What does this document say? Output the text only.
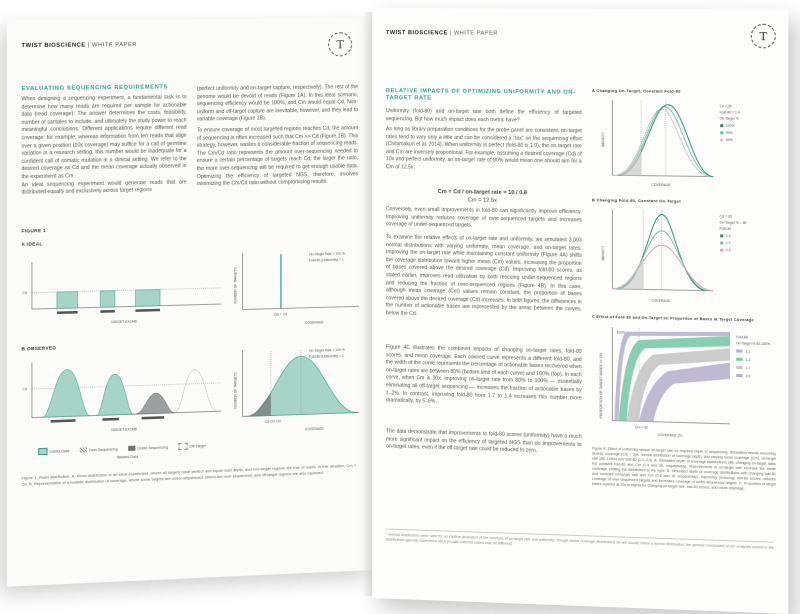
TWIST BIOSCIENCE | WHITE PAPER	T
EVALUATING SEQUENCING REQUIREMENTS
When designing a sequencing experiment, a fundamental task is to determine how many reads are required per sample for actionable data (read coverage). The answer determines the costs, feasibility, number of samples to include, and ultimately the study power to reach meaningful conclusions. Different applications require different read coverage: for example, whereas information from ten reads that align over a given position (10x coverage) may suffice for a call of germline variation in a research setting, this number would be inadequate for a confident call of somatic mutation in a clinical setting. We refer to the desired coverage as Cd and the mean coverage actually observed in the experiment as Cm.
An ideal sequencing experiment would generate reads that are distributed equally and exclusively across target regions
(perfect uniformity and on-target capture, respectively). The rest of the genome would be devoid of reads (Figure 1A). In this ideal scenario, sequencing efficiency would be 100%, and Cm would equal Cd. Non-uniform and off-target capture are inevitable, however, and they lead to variable coverage (Figure 1B).
To ensure coverage of most targeted regions reaches Cd, the amount of sequencing is often increased such that Cm >> Cd (Figure 1B). This strategy, however, wastes a considerable fraction of sequencing reads. The Cm/Cd ratio represents the amount over-sequencing needed to ensure a certain percentage of targets reach Cd; the larger the ratio, the more over-sequencing will be required to get enough usable data. Optimizing the efficiency of targeted NGS, therefore, involves minimizing the Cm/Cd ratio without compromising results.
FIGURE 1
A IDEAL
Cd
TARGET EXOME
NUMBER OF TARGETS
Cm = Cd
COVERAGE
On-Target Rate = 100 %
Fold-80 (Uniformity) = 1
B OBSERVED
Cd
TARGET EXOME
NUMBER OF TARGETS
Cd Cm Cm
COVERAGE
On-Target Rate < 100 %
Fold-80 (Uniformity) > 1
Useful Data	Over-Sequencing	Under-Sequencing	Off-Target
Wasted Data
Figure 1. Read distribution. A. Read distribution in an ideal experiment, where all targets have perfect and equal read depth, and non-target regions are free of reads. In this situation, Cm = Cd. B. Representative of a realistic distribution of coverage, where some targets are under-sequenced, others are over-sequenced, and off-target regions are also captured.
TWIST BIOSCIENCE | WHITE PAPER	T
RELATIVE IMPACTS OF OPTIMIZING UNIFORMITY AND ON-TARGET RATE
Uniformity (fold-80) and on-target rate both define the efficiency of targeted sequencing. But how much impact does each metric have?
As long as library preparation conditions for the probe panel are consistent, on-target rates tend to vary only a little and can be considered a "tax" on the sequencing effort (Chilamakuri et al. 2014). When uniformity is perfect (fold-80 is 1.0), the on-target rate and Cm are inversely proportional. For example, assuming a desired coverage (Cd) of 10x and perfect uniformity, an on-target rate of 80% would mean one should aim for a Cm of 12.5x:
Cm = Cd / on-target rate = 10 / 0.8
Cm = 12.5x
Conversely, even small improvements in fold-80 can significantly improve efficiency. Improving uniformity reduces coverage of over-sequenced targets and increases coverage of under-sequenced targets.
To examine the relative effects of on-target rate and uniformity, we simulated 3,003 normal distributions with varying uniformity, mean coverage, and on-target rates. Improving the on-target rate while maintaining constant uniformity (Figure 4A) shifts the coverage distribution toward higher mean (Cm) values, increasing the proportion of bases covered above the desired coverage (Cd). Improving fold-80 scores, as stated earlier, improves read utilization by both rescuing under-sequenced regions and reducing the fraction of over-sequenced regions (Figure 4B). In this case, although mean coverage (Cm) values remain constant, the proportion of bases covered above the desired coverage (Cd) increases. In both figures, the differences in the number of actionable bases are represented by the areas between the curves, below the Cd.
Figure 4C illustrates the combined impacts of changing on-target rates, fold-80 scores, and mean coverage. Each colored curve represents a different fold-80, and the width of the curve represents the percentage of actionable bases recovered when on-target rates are between 80% (bottom limit of each curve) and 100% (top). In each curve, when Cm is 30x, improving on-target rate from 80% to 100% — essentially eliminating all off-target sequencing — increases the fraction of actionable bases by 1–2%. In contrast, improving fold-80 from 1.7 to 1.4 increases this number more dramatically, by 5–6%.
The data demonstrate that improvements to fold-80 scores (uniformity) have a much more significant impact on the efficiency of targeted NGS than do improvements to on-target rates, even if the off-target rate could be reduced to zero.
A Changing On-Target, Constant Fold-80
DENSITY
COVERAGE
Cd = 30
Fold-80 = 1.4
On-Target %
100%
90%
80%
B Changing Fold-80, Constant On-Target
DENSITY
COVERAGE
Cd = 30
On-Target % = 80
Fold-80
1.4
1.7
2.0
C Effect of Fold-80 and On-Target on Proportion of Bases at Target Coverage
100%
PROPORTION OF TARGET BASES >= 10X
Cm = 30
COVERAGE (X)
Fold-80
On-Target % 80-100%
1.1
1.4
1.7
2.0
Figure 4. Effect of uniformity versus on-target rate on required depth of sequencing. Simulation results assuming desired coverage (Cd) = 30x, normal distribution of coverage depth, and varying mean coverage (Cm), on-target rate (80–100%) and fold-80 (1.1–2.0). A. Simulated depth of coverage distributions with changing on-target rates but constant fold-80 and Cm (1.4 and 30, respectively). Improvements in on-target rate increase the mean coverage, shifting the distribution to the right. B. Simulated depth of coverage distributions with changing fold-80 and constant on-target rate and Cm (0.8 and 30 respectively). Improving (reducing) fold-80 scores reduces coverage of over-sequenced targets and increases coverage of under-sequenced targets. C. Proportion of target bases covered at 10x or higher for changing on-target rate, fold-80 scores, and mean coverage.
* Normal distributions were used for an intuitive illustration of the concepts of on-target rate and uniformity. Though actual coverage distributions do not usually follow a normal distribution, the general conclusions of our analyses extend to the distributions typically observed in NGS (results collected values may be different).
